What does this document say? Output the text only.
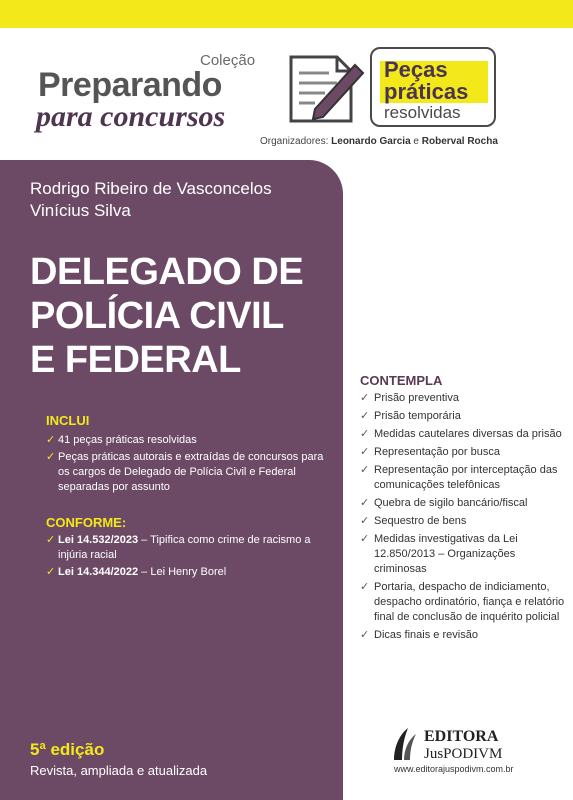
Coleção
Preparando
para concursos
Peças
práticas
resolvidas
Organizadores: Leonardo Garcia e Roberval Rocha
Rodrigo Ribeiro de Vasconcelos
Vinícius Silva
DELEGADO DE
POLÍCIA CIVIL
E FEDERAL
INCLUI
✓ 41 peças práticas resolvidas
✓ Peças práticas autorais e extraídas de concursos para os cargos de Delegado de Polícia Civil e Federal separadas por assunto
CONFORME:
✓ Lei 14.532/2023 – Tipifica como crime de racismo a injúria racial
✓ Lei 14.344/2022 – Lei Henry Borel
5ª edição
Revista, ampliada e atualizada
CONTEMPLA
✓ Prisão preventiva
✓ Prisão temporária
✓ Medidas cautelares diversas da prisão
✓ Representação por busca
✓ Representação por interceptação das comunicações telefônicas
✓ Quebra de sigilo bancário/fiscal
✓ Sequestro de bens
✓ Medidas investigativas da Lei 12.850/2013 – Organizações criminosas
✓ Portaria, despacho de indiciamento, despacho ordinatório, fiança e relatório final de conclusão de inquérito policial
✓ Dicas finais e revisão
EDITORA
JusPODIVM
www.editorajuspodivm.com.br
